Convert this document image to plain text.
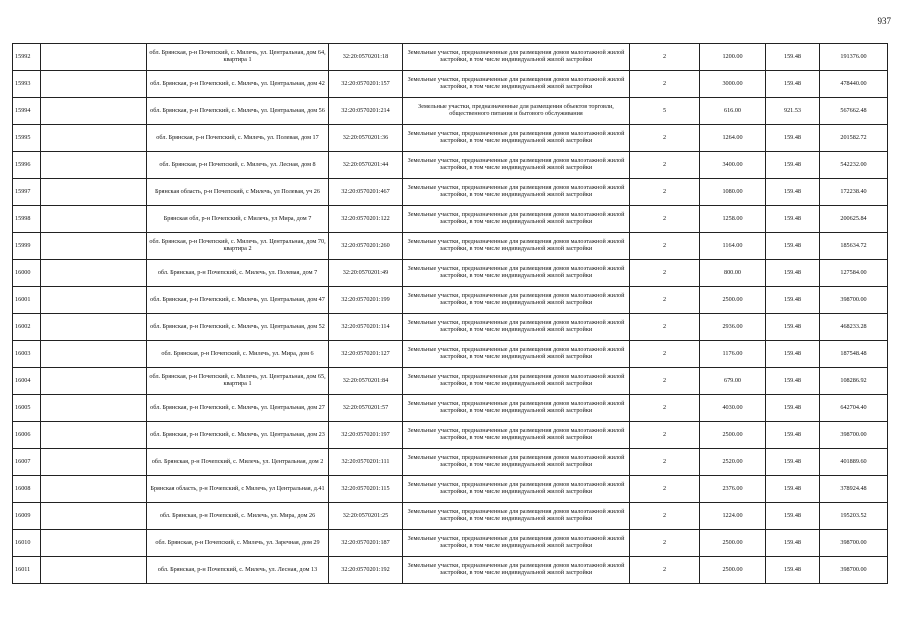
937
15992		обл. Брянская, р-н Почепский, с. Милечь, ул. Центральная, дом 64, квартира 1	32:20:0570201:18	Земельные участки, предназначенные для размещения домов малоэтажной жилой застройки, в том числе индивидуальной жилой застройки	2	1200.00	159.48	191376.00
15993		обл. Брянская, р-н Почепский, с. Милечь, ул. Центральная, дом 42	32:20:0570201:157	Земельные участки, предназначенные для размещения домов малоэтажной жилой застройки, в том числе индивидуальной жилой застройки	2	3000.00	159.48	478440.00
15994		обл. Брянская, р-н Почепский, с. Милечь, ул. Центральная, дом 56	32:20:0570201:214	Земельные участки, предназначенные для размещения объектов торговли, общественного питания и бытового обслуживания	5	616.00	921.53	567662.48
15995		обл. Брянская, р-н Почепский, с. Милечь, ул. Полевая, дом 17	32:20:0570201:36	Земельные участки, предназначенные для размещения домов малоэтажной жилой застройки, в том числе индивидуальной жилой застройки	2	1264.00	159.48	201582.72
15996		обл. Брянская, р-н Почепский, с. Милечь, ул. Лесная, дом 8	32:20:0570201:44	Земельные участки, предназначенные для размещения домов малоэтажной жилой застройки, в том числе индивидуальной жилой застройки	2	3400.00	159.48	542232.00
15997		Брянская область, р-н Почепский, с Милечь, ул Полевая, уч 26	32:20:0570201:467	Земельные участки, предназначенные для размещения домов малоэтажной жилой застройки, в том числе индивидуальной жилой застройки	2	1080.00	159.48	172238.40
15998		Брянская обл, р-н Почепский, с Милечь, ул Мира, дом 7	32:20:0570201:122	Земельные участки, предназначенные для размещения домов малоэтажной жилой застройки, в том числе индивидуальной жилой застройки	2	1258.00	159.48	200625.84
15999		обл. Брянская, р-н Почепский, с. Милечь, ул. Центральная, дом 70, квартира 2	32:20:0570201:260	Земельные участки, предназначенные для размещения домов малоэтажной жилой застройки, в том числе индивидуальной жилой застройки	2	1164.00	159.48	185634.72
16000		обл. Брянская, р-н Почепский, с. Милечь, ул. Полевая, дом 7	32:20:0570201:49	Земельные участки, предназначенные для размещения домов малоэтажной жилой застройки, в том числе индивидуальной жилой застройки	2	800.00	159.48	127584.00
16001		обл. Брянская, р-н Почепский, с. Милечь, ул. Центральная, дом 47	32:20:0570201:199	Земельные участки, предназначенные для размещения домов малоэтажной жилой застройки, в том числе индивидуальной жилой застройки	2	2500.00	159.48	398700.00
16002		обл. Брянская, р-н Почепский, с. Милечь, ул. Центральная, дом 52	32:20:0570201:114	Земельные участки, предназначенные для размещения домов малоэтажной жилой застройки, в том числе индивидуальной жилой застройки	2	2936.00	159.48	468233.28
16003		обл. Брянская, р-н Почепский, с. Милечь, ул. Мира, дом 6	32:20:0570201:127	Земельные участки, предназначенные для размещения домов малоэтажной жилой застройки, в том числе индивидуальной жилой застройки	2	1176.00	159.48	187548.48
16004		обл. Брянская, р-н Почепский, с. Милечь, ул. Центральная, дом 65, квартира 1	32:20:0570201:84	Земельные участки, предназначенные для размещения домов малоэтажной жилой застройки, в том числе индивидуальной жилой застройки	2	679.00	159.48	108286.92
16005		обл. Брянская, р-н Почепский, с. Милечь, ул. Центральная, дом 27	32:20:0570201:57	Земельные участки, предназначенные для размещения домов малоэтажной жилой застройки, в том числе индивидуальной жилой застройки	2	4030.00	159.48	642704.40
16006		обл. Брянская, р-н Почепский, с. Милечь, ул. Центральная, дом 23	32:20:0570201:197	Земельные участки, предназначенные для размещения домов малоэтажной жилой застройки, в том числе индивидуальной жилой застройки	2	2500.00	159.48	398700.00
16007		обл. Брянская, р-н Почепский, с. Милечь, ул. Центральная, дом 2	32:20:0570201:111	Земельные участки, предназначенные для размещения домов малоэтажной жилой застройки, в том числе индивидуальной жилой застройки	2	2520.00	159.48	401889.60
16008		Брянская область, р-н Почепский, с Милечь, ул Центральная, д.41	32:20:0570201:115	Земельные участки, предназначенные для размещения домов малоэтажной жилой застройки, в том числе индивидуальной жилой застройки	2	2376.00	159.48	378924.48
16009		обл. Брянская, р-н Почепский, с. Милечь, ул. Мира, дом 26	32:20:0570201:25	Земельные участки, предназначенные для размещения домов малоэтажной жилой застройки, в том числе индивидуальной жилой застройки	2	1224.00	159.48	195203.52
16010		обл. Брянская, р-н Почепский, с. Милечь, ул. Заречная, дом 29	32:20:0570201:187	Земельные участки, предназначенные для размещения домов малоэтажной жилой застройки, в том числе индивидуальной жилой застройки	2	2500.00	159.48	398700.00
16011		обл. Брянская, р-н Почепский, с. Милечь, ул. Лесная, дом 13	32:20:0570201:192	Земельные участки, предназначенные для размещения домов малоэтажной жилой застройки, в том числе индивидуальной жилой застройки	2	2500.00	159.48	398700.00
